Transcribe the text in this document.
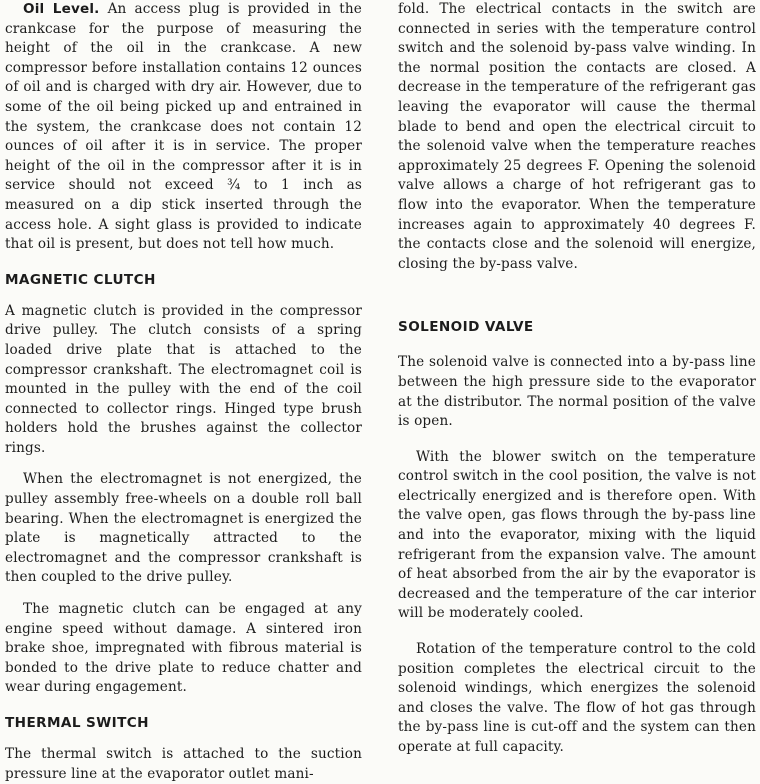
Oil Level. An access plug is provided in the crankcase for the purpose of measuring the height of the oil in the crankcase. A new compressor before installation contains 12 ounces of oil and is charged with dry air. However, due to some of the oil being picked up and entrained in the system, the crankcase does not contain 12 ounces of oil after it is in service. The proper height of the oil in the compressor after it is in service should not exceed ¾ to 1 inch as measured on a dip stick inserted through the access hole. A sight glass is provided to indicate that oil is present, but does not tell how much.

MAGNETIC CLUTCH

A magnetic clutch is provided in the compressor drive pulley. The clutch consists of a spring loaded drive plate that is attached to the compressor crankshaft. The electromagnet coil is mounted in the pulley with the end of the coil connected to collector rings. Hinged type brush holders hold the brushes against the collector rings.

When the electromagnet is not energized, the pulley assembly free-wheels on a double roll ball bearing. When the electromagnet is energized the plate is magnetically attracted to the electromagnet and the compressor crankshaft is then coupled to the drive pulley.

The magnetic clutch can be engaged at any engine speed without damage. A sintered iron brake shoe, impregnated with fibrous material is bonded to the drive plate to reduce chatter and wear during engagement.

THERMAL SWITCH

The thermal switch is attached to the suction pressure line at the evaporator outlet mani-

fold. The electrical contacts in the switch are connected in series with the temperature control switch and the solenoid by-pass valve winding. In the normal position the contacts are closed. A decrease in the temperature of the refrigerant gas leaving the evaporator will cause the thermal blade to bend and open the electrical circuit to the solenoid valve when the temperature reaches approximately 25 degrees F. Opening the solenoid valve allows a charge of hot refrigerant gas to flow into the evaporator. When the temperature increases again to approximately 40 degrees F. the contacts close and the solenoid will energize, closing the by-pass valve.

SOLENOID VALVE

The solenoid valve is connected into a by-pass line between the high pressure side to the evaporator at the distributor. The normal position of the valve is open.

With the blower switch on the temperature control switch in the cool position, the valve is not electrically energized and is therefore open. With the valve open, gas flows through the by-pass line and into the evaporator, mixing with the liquid refrigerant from the expansion valve. The amount of heat absorbed from the air by the evaporator is decreased and the temperature of the car interior will be moderately cooled.

Rotation of the temperature control to the cold position completes the electrical circuit to the solenoid windings, which energizes the solenoid and closes the valve. The flow of hot gas through the by-pass line is cut-off and the system can then operate at full capacity.
